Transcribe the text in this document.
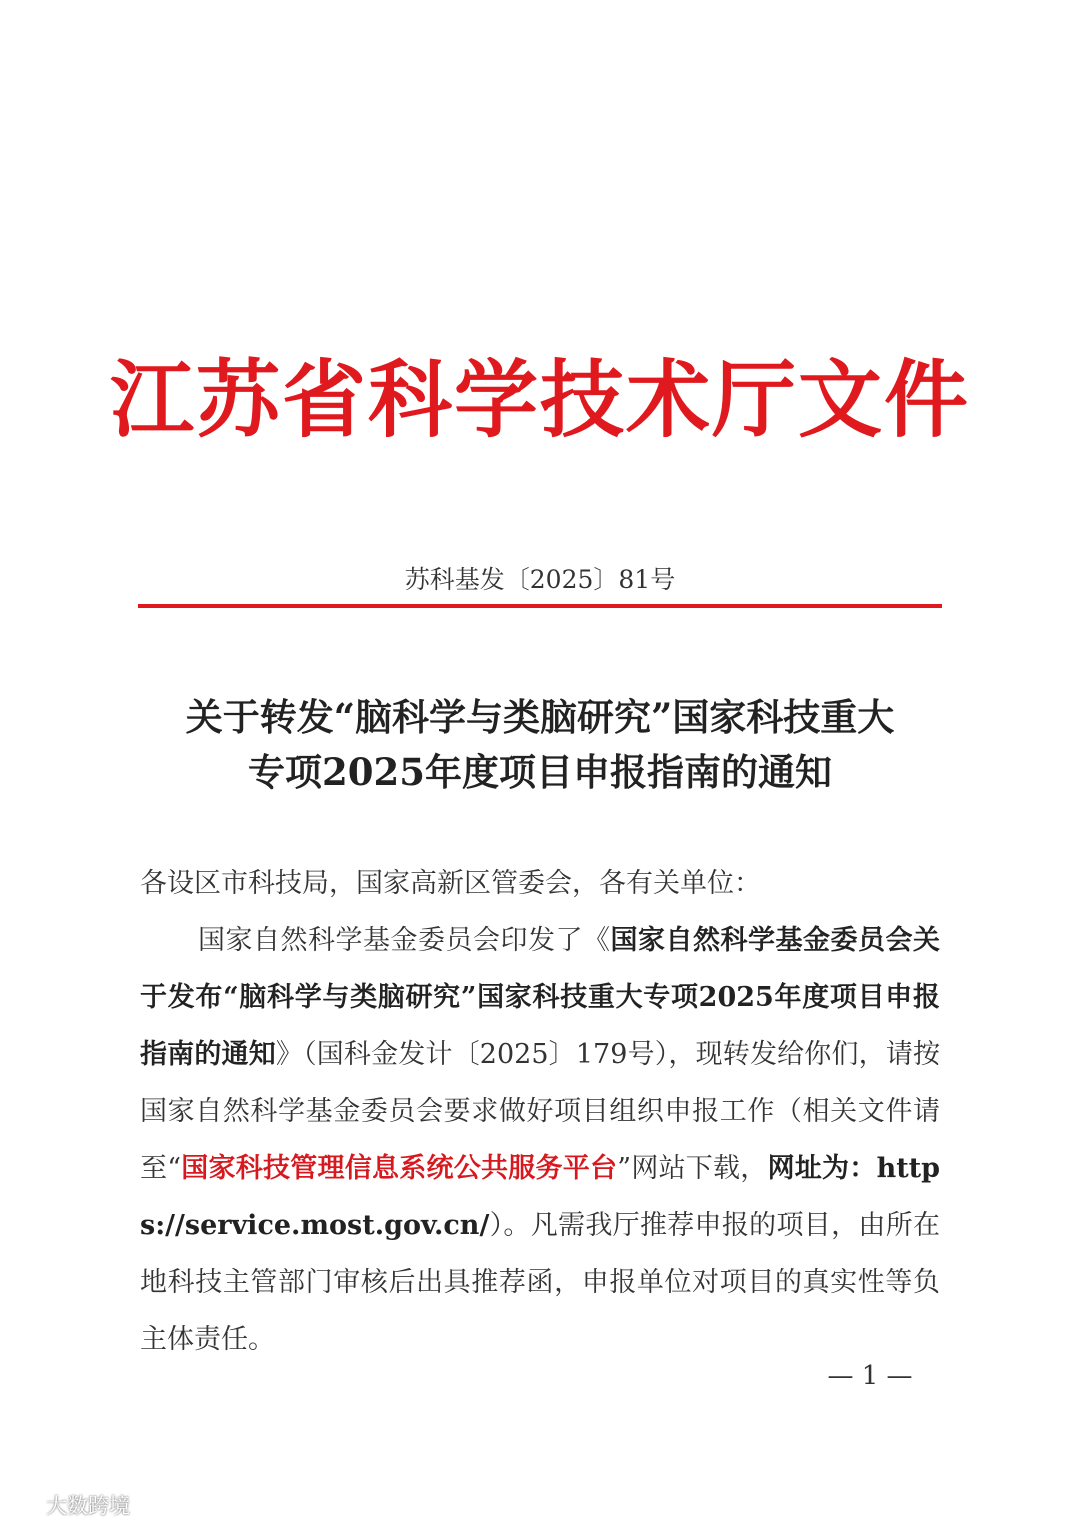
江苏省科学技术厅文件
苏科基发〔2025〕81号
关于转发“脑科学与类脑研究”国家科技重大
专项2025年度项目申报指南的通知
各设区市科技局，国家高新区管委会，各有关单位：
国家自然科学基金委员会印发了《国家自然科学基金委员会关于发布“脑科学与类脑研究”国家科技重大专项2025年度项目申报指南的通知》（国科金发计〔2025〕179号），现转发给你们，请按国家自然科学基金委员会要求做好项目组织申报工作（相关文件请至“国家科技管理信息系统公共服务平台”网站下载，网址为：https://service.most.gov.cn/）。凡需我厅推荐申报的项目，由所在地科技主管部门审核后出具推荐函，申报单位对项目的真实性等负主体责任。
— 1 —
大数跨境
